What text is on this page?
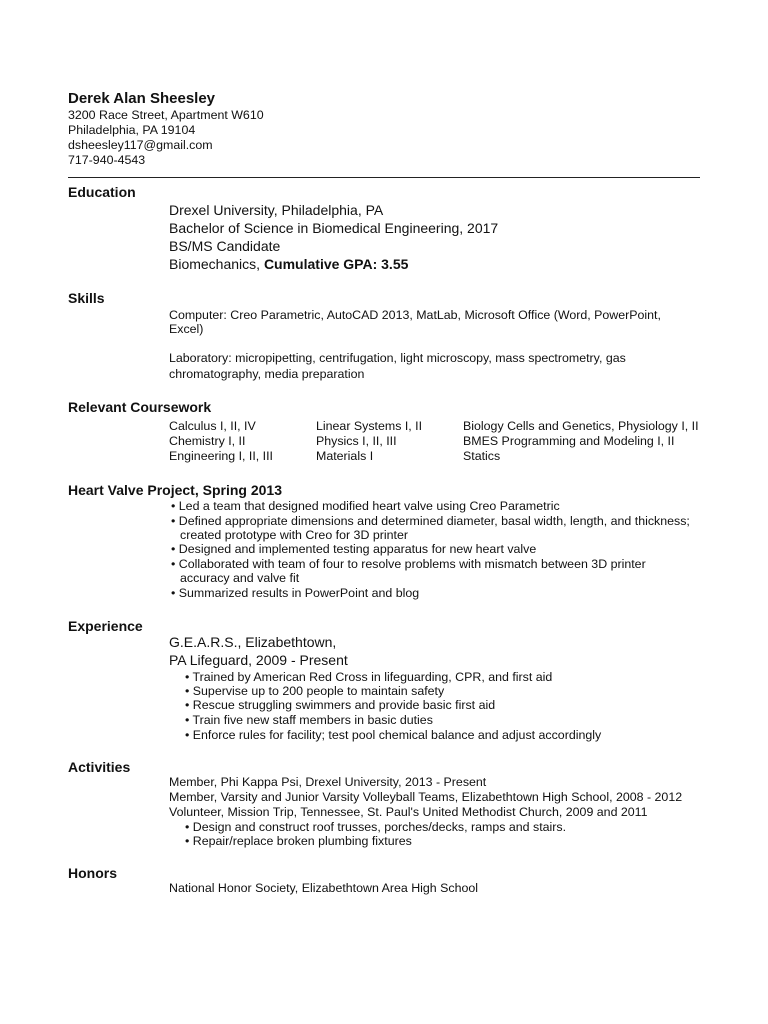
Derek Alan Sheesley
3200 Race Street, Apartment W610
Philadelphia, PA 19104
dsheesley117@gmail.com
717-940-4543
Education
Drexel University, Philadelphia, PA
Bachelor of Science in Biomedical Engineering, 2017
BS/MS Candidate
Biomechanics, Cumulative GPA: 3.55
Skills
Computer: Creo Parametric, AutoCAD 2013, MatLab, Microsoft Office (Word, PowerPoint,
Excel)
Laboratory: micropipetting, centrifugation, light microscopy, mass spectrometry, gas
chromatography, media preparation
Relevant Coursework
Calculus I, II, IV
Chemistry I, II
Engineering I, II, III
Linear Systems I, II
Physics I, II, III
Materials I
Biology Cells and Genetics, Physiology I, II
BMES Programming and Modeling I, II
Statics
Heart Valve Project, Spring 2013
• Led a team that designed modified heart valve using Creo Parametric
• Defined appropriate dimensions and determined diameter, basal width, length, and thickness;
created prototype with Creo for 3D printer
• Designed and implemented testing apparatus for new heart valve
• Collaborated with team of four to resolve problems with mismatch between 3D printer
accuracy and valve fit
• Summarized results in PowerPoint and blog
Experience
G.E.A.R.S., Elizabethtown,
PA Lifeguard, 2009 - Present
• Trained by American Red Cross in lifeguarding, CPR, and first aid
• Supervise up to 200 people to maintain safety
• Rescue struggling swimmers and provide basic first aid
• Train five new staff members in basic duties
• Enforce rules for facility; test pool chemical balance and adjust accordingly
Activities
Member, Phi Kappa Psi, Drexel University, 2013 - Present
Member, Varsity and Junior Varsity Volleyball Teams, Elizabethtown High School, 2008 - 2012
Volunteer, Mission Trip, Tennessee, St. Paul's United Methodist Church, 2009 and 2011
• Design and construct roof trusses, porches/decks, ramps and stairs.
• Repair/replace broken plumbing fixtures
Honors
National Honor Society, Elizabethtown Area High School
